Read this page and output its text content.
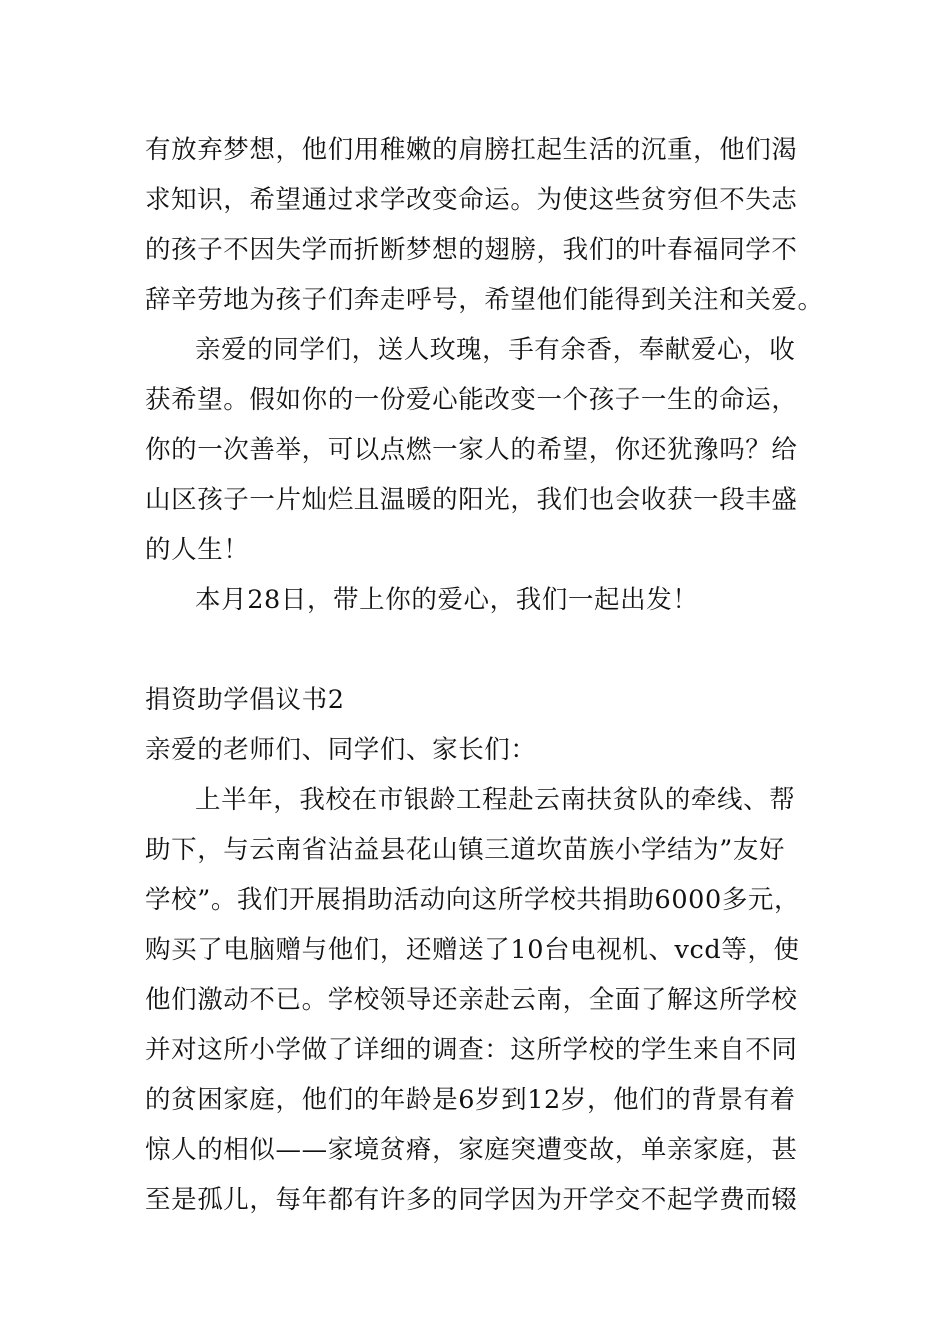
有放弃梦想，他们用稚嫩的肩膀扛起生活的沉重，他们渴
求知识，希望通过求学改变命运。为使这些贫穷但不失志
的孩子不因失学而折断梦想的翅膀，我们的叶春福同学不
辞辛劳地为孩子们奔走呼号，希望他们能得到关注和关爱。
亲爱的同学们，送人玫瑰，手有余香，奉献爱心，收
获希望。假如你的一份爱心能改变一个孩子一生的命运，
你的一次善举，可以点燃一家人的希望，你还犹豫吗？给
山区孩子一片灿烂且温暖的阳光，我们也会收获一段丰盛
的人生！
本月28日，带上你的爱心，我们一起出发！
捐资助学倡议书2
亲爱的老师们、同学们、家长们：
上半年，我校在市银龄工程赴云南扶贫队的牵线、帮
助下，与云南省沾益县花山镇三道坎苗族小学结为”友好
学校”。我们开展捐助活动向这所学校共捐助6000多元，
购买了电脑赠与他们，还赠送了10台电视机、vcd等，使
他们激动不已。学校领导还亲赴云南，全面了解这所学校
并对这所小学做了详细的调查：这所学校的学生来自不同
的贫困家庭，他们的年龄是6岁到12岁，他们的背景有着
惊人的相似——家境贫瘠，家庭突遭变故，单亲家庭，甚
至是孤儿，每年都有许多的同学因为开学交不起学费而辍
